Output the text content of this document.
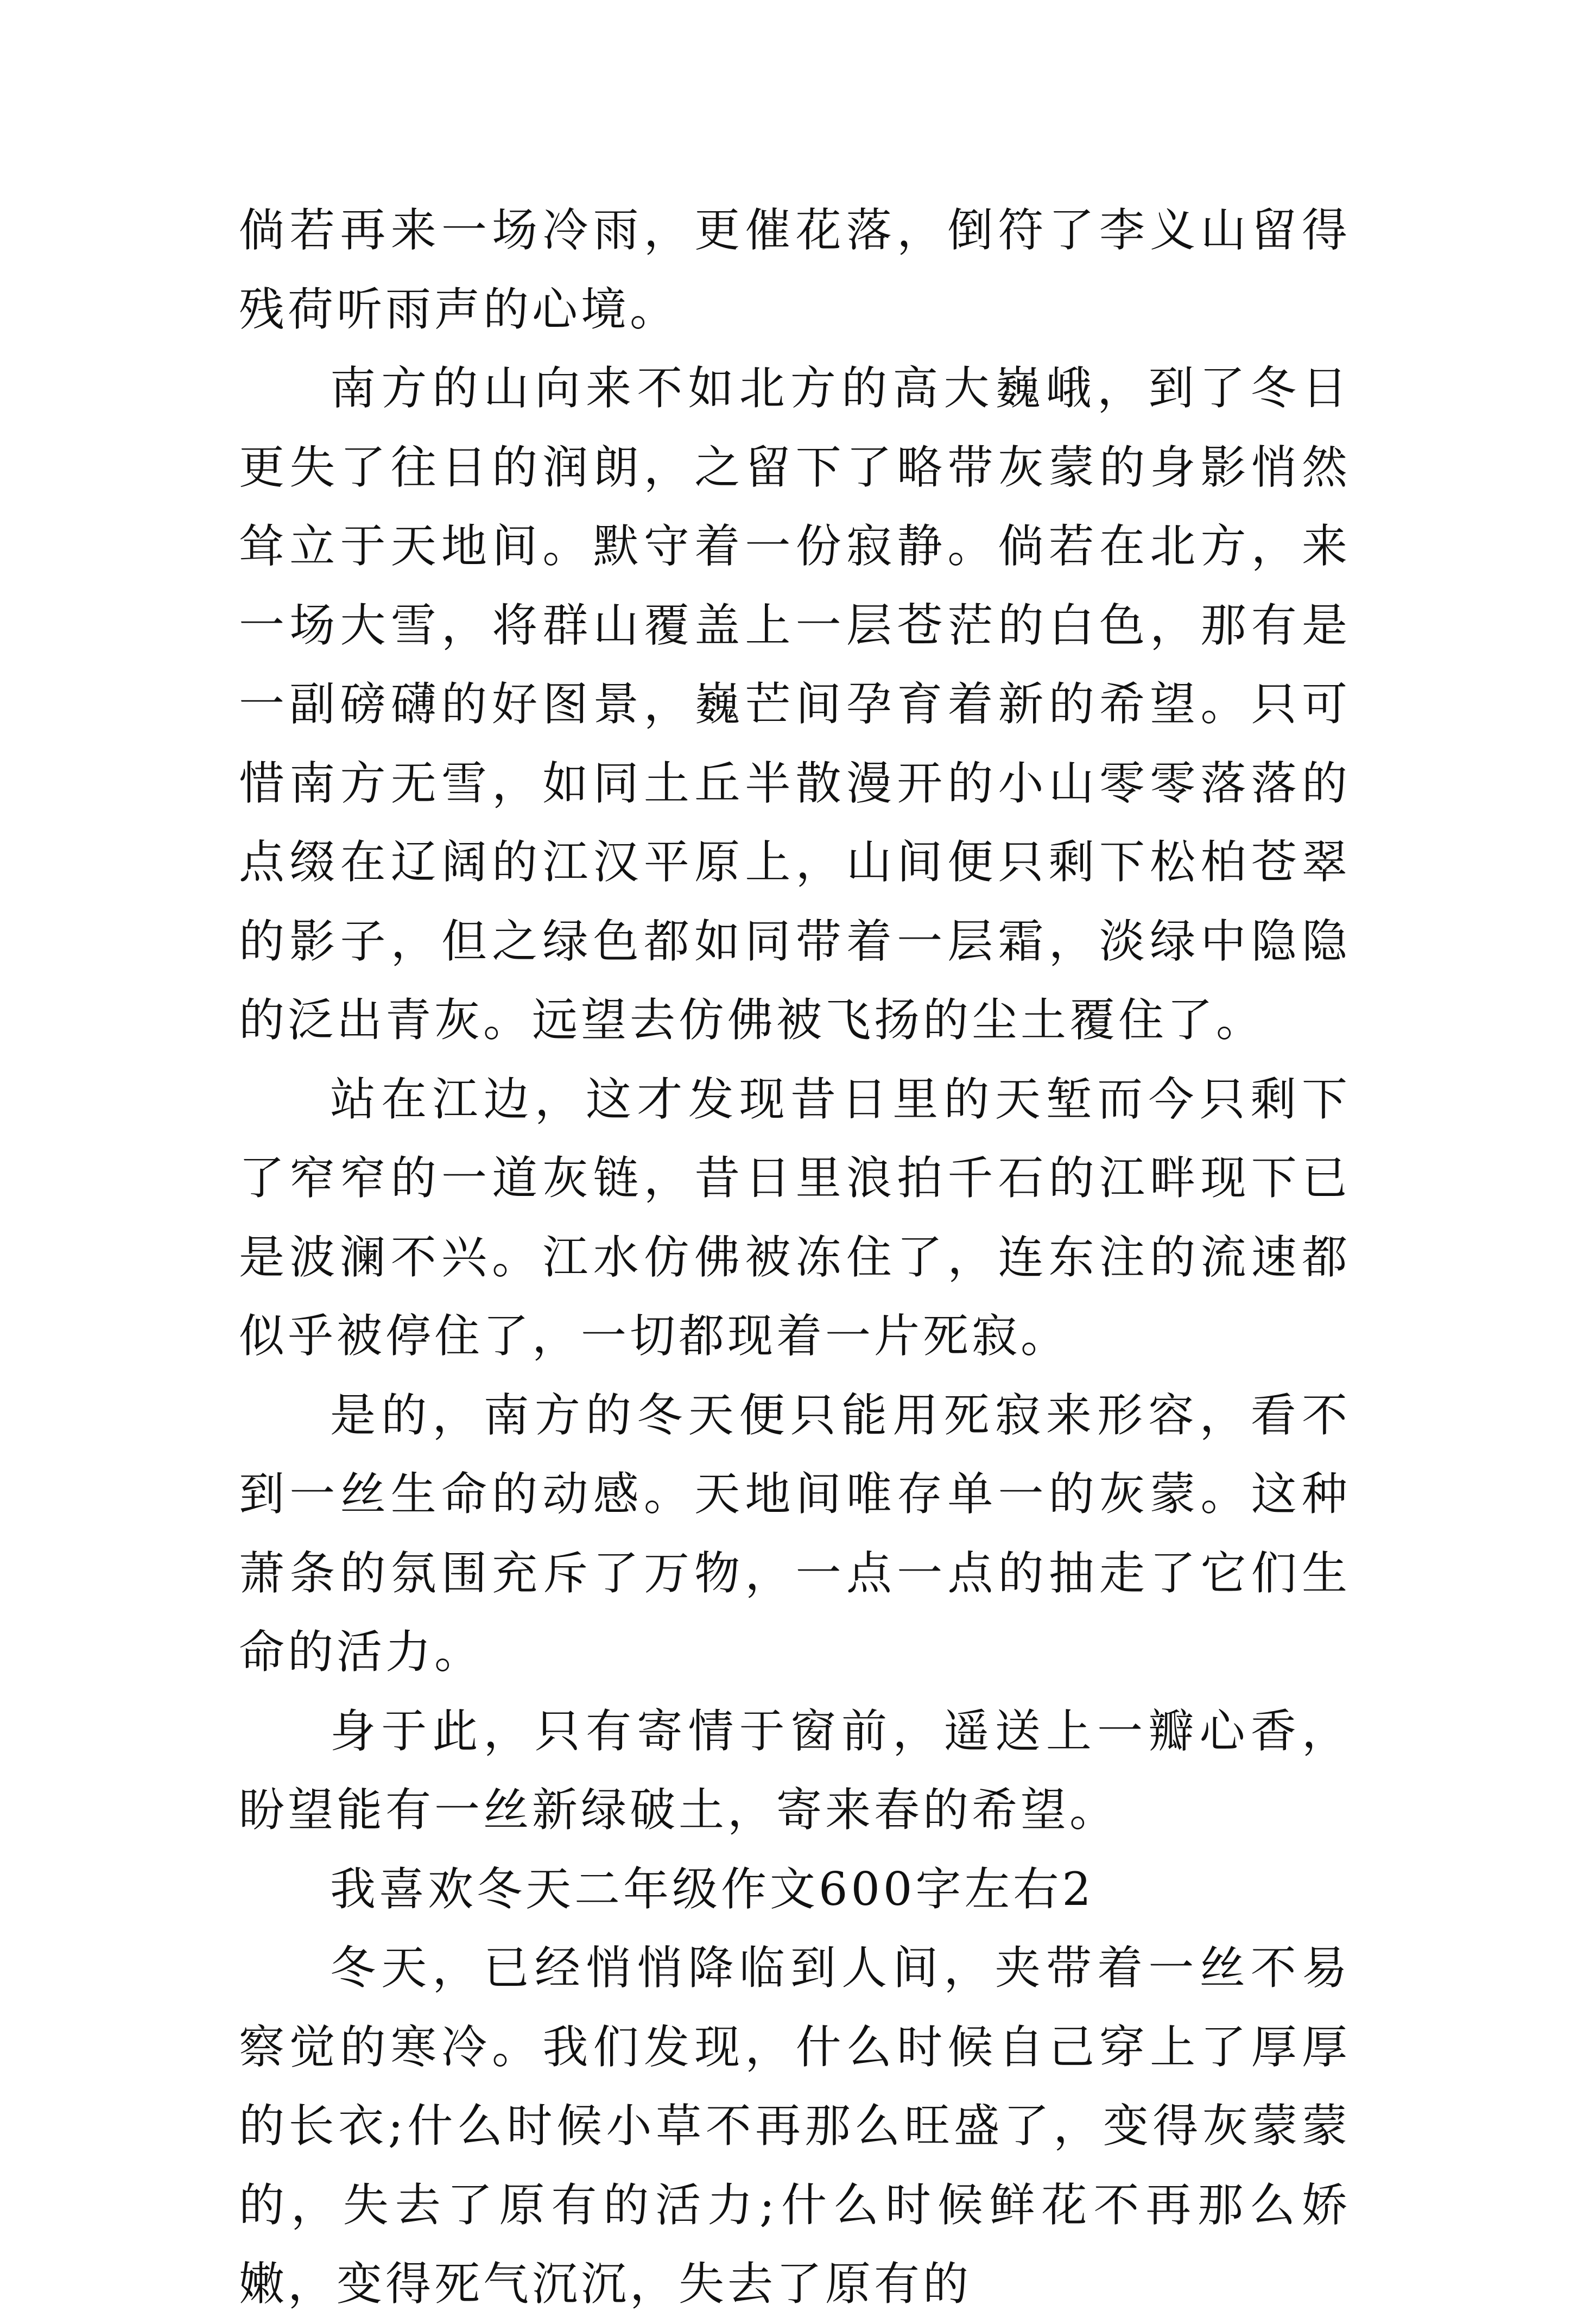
倘若再来一场冷雨，更催花落，倒符了李义山留得残荷听雨声的心境。

南方的山向来不如北方的高大巍峨，到了冬日更失了往日的润朗，之留下了略带灰蒙的身影悄然耸立于天地间。默守着一份寂静。倘若在北方，来一场大雪，将群山覆盖上一层苍茫的白色，那有是一副磅礴的好图景，巍芒间孕育着新的希望。只可惜南方无雪，如同土丘半散漫开的小山零零落落的点缀在辽阔的江汉平原上，山间便只剩下松柏苍翠的影子，但之绿色都如同带着一层霜，淡绿中隐隐的泛出青灰。远望去仿佛被飞扬的尘土覆住了。

站在江边，这才发现昔日里的天堑而今只剩下了窄窄的一道灰链，昔日里浪拍千石的江畔现下已是波澜不兴。江水仿佛被冻住了，连东注的流速都似乎被停住了，一切都现着一片死寂。

是的，南方的冬天便只能用死寂来形容，看不到一丝生命的动感。天地间唯存单一的灰蒙。这种萧条的氛围充斥了万物，一点一点的抽走了它们生命的活力。

身于此，只有寄情于窗前，遥送上一瓣心香，盼望能有一丝新绿破土，寄来春的希望。

我喜欢冬天二年级作文600字左右2

冬天，已经悄悄降临到人间，夹带着一丝不易察觉的寒冷。我们发现，什么时候自己穿上了厚厚的长衣;什么时候小草不再那么旺盛了，变得灰蒙蒙的，失去了原有的活力;什么时候鲜花不再那么娇嫩，变得死气沉沉，失去了原有的
